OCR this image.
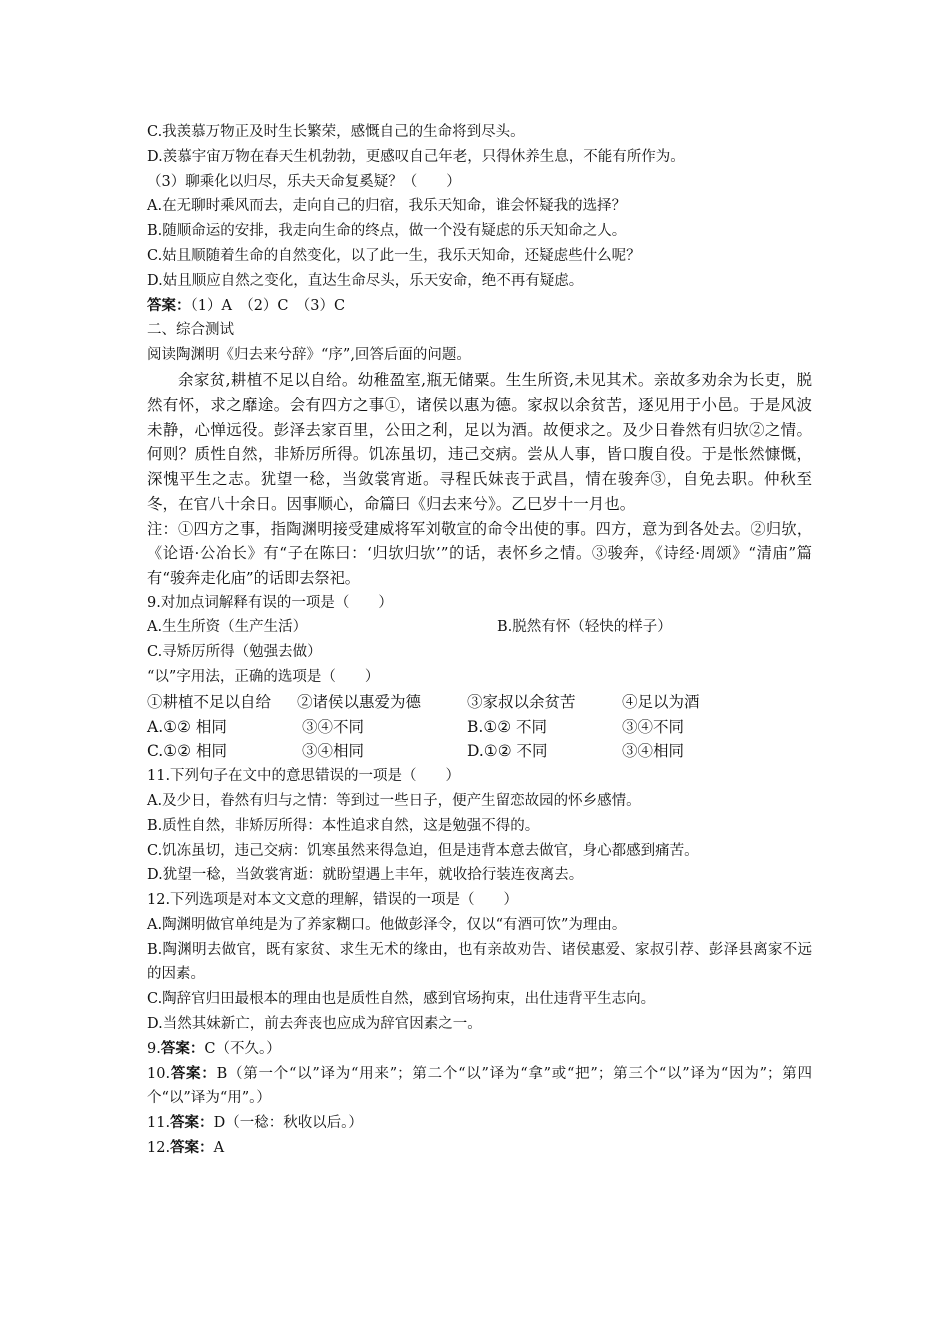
C.我羡慕万物正及时生长繁荣，感慨自己的生命将到尽头。
D.羡慕宇宙万物在春天生机勃勃，更感叹自己年老，只得休养生息，不能有所作为。
（3）聊乘化以归尽，乐夫天命复奚疑？（　　）
A.在无聊时乘风而去，走向自己的归宿，我乐天知命，谁会怀疑我的选择？
B.随顺命运的安排，我走向生命的终点，做一个没有疑虑的乐天知命之人。
C.姑且顺随着生命的自然变化，以了此一生，我乐天知命，还疑虑些什么呢？
D.姑且顺应自然之变化，直达生命尽头，乐天安命，绝不再有疑虑。
答案：（1）A　（2）C　（3）C
二、综合测试
阅读陶渊明《归去来兮辞》“序”,回答后面的问题。
余家贫,耕植不足以自给。幼稚盈室,瓶无储粟。生生所资,未见其术。亲故多劝余为长吏，脱然有怀，求之靡途。会有四方之事①，诸侯以惠为德。家叔以余贫苦，逐见用于小邑。于是风波未静，心惮远役。彭泽去家百里，公田之利，足以为酒。故便求之。及少日眷然有归欤②之情。何则？质性自然，非矫厉所得。饥冻虽切，违己交病。尝从人事，皆口腹自役。于是怅然慷慨，深愧平生之志。犹望一稔，当敛裳宵逝。寻程氏妹丧于武昌，情在骏奔③，自免去职。仲秋至冬，在官八十余日。因事顺心，命篇曰《归去来兮》。乙巳岁十一月也。
注：①四方之事，指陶渊明接受建威将军刘敬宣的命令出使的事。四方，意为到各处去。②归欤，《论语·公冶长》有“子在陈曰：‘归欤归欤’”的话，表怀乡之情。③骏奔，《诗经·周颂》“清庙”篇有“骏奔走化庙”的话即去祭祀。
9.对加点词解释有误的一项是（　　）
A.生生所资（生产生活）	B.脱然有怀（轻快的样子）
C.寻矫厉所得（勉强去做）
“以”字用法，正确的选项是（　　）
①耕植不足以自给	②诸侯以惠爱为德	③家叔以余贫苦	④足以为酒
A.①② 相同	③④不同	B.①② 不同	③④不同
C.①② 相同	③④相同	D.①② 不同	③④相同
11.下列句子在文中的意思错误的一项是（　　）
A.及少日，眷然有归与之情：等到过一些日子，便产生留恋故园的怀乡感情。
B.质性自然，非矫厉所得：本性追求自然，这是勉强不得的。
C.饥冻虽切，违己交病：饥寒虽然来得急迫，但是违背本意去做官，身心都感到痛苦。
D.犹望一稔，当敛裳宵逝：就盼望遇上丰年，就收拾行装连夜离去。
12.下列选项是对本文文意的理解，错误的一项是（　　）
A.陶渊明做官单纯是为了养家糊口。他做彭泽令，仅以“有酒可饮”为理由。
B.陶渊明去做官，既有家贫、求生无术的缘由，也有亲故劝告、诸侯惠爱、家叔引荐、彭泽县离家不远的因素。
C.陶辞官归田最根本的理由也是质性自然，感到官场拘束，出仕违背平生志向。
D.当然其妹新亡，前去奔丧也应成为辞官因素之一。
9.答案：C（不久。）
10.答案：B（第一个“以”译为“用来”；第二个“以”译为“拿”或“把”；第三个“以”译为“因为”；第四个“以”译为“用”。）
11.答案：D（一稔：秋收以后。）
12.答案：A
